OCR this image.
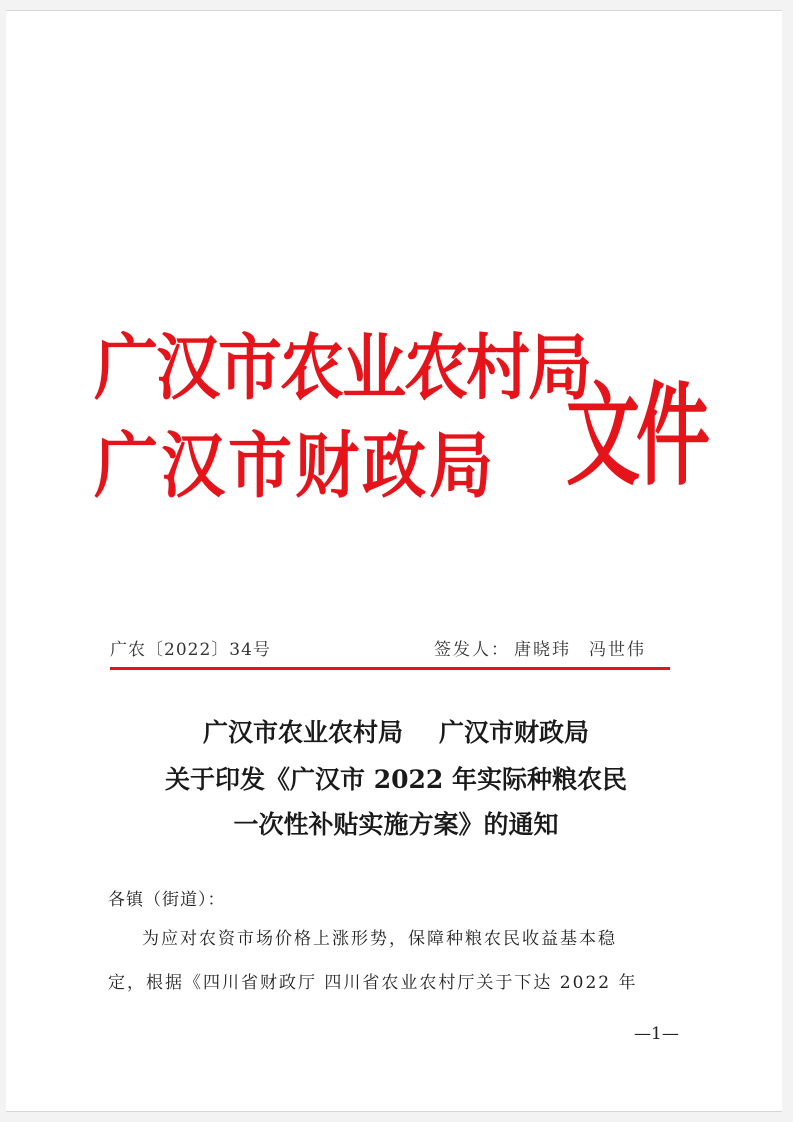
广汉市农业农村局
广汉市财政局 文件
广农〔2022〕34号	签发人： 唐晓玮 冯世伟
广汉市农业农村局 广汉市财政局
关于印发《广汉市 2022 年实际种粮农民
一次性补贴实施方案》的通知
各镇（街道）：
为应对农资市场价格上涨形势，保障种粮农民收益基本稳
定，根据《四川省财政厅 四川省农业农村厅关于下达 2022 年
—1—
